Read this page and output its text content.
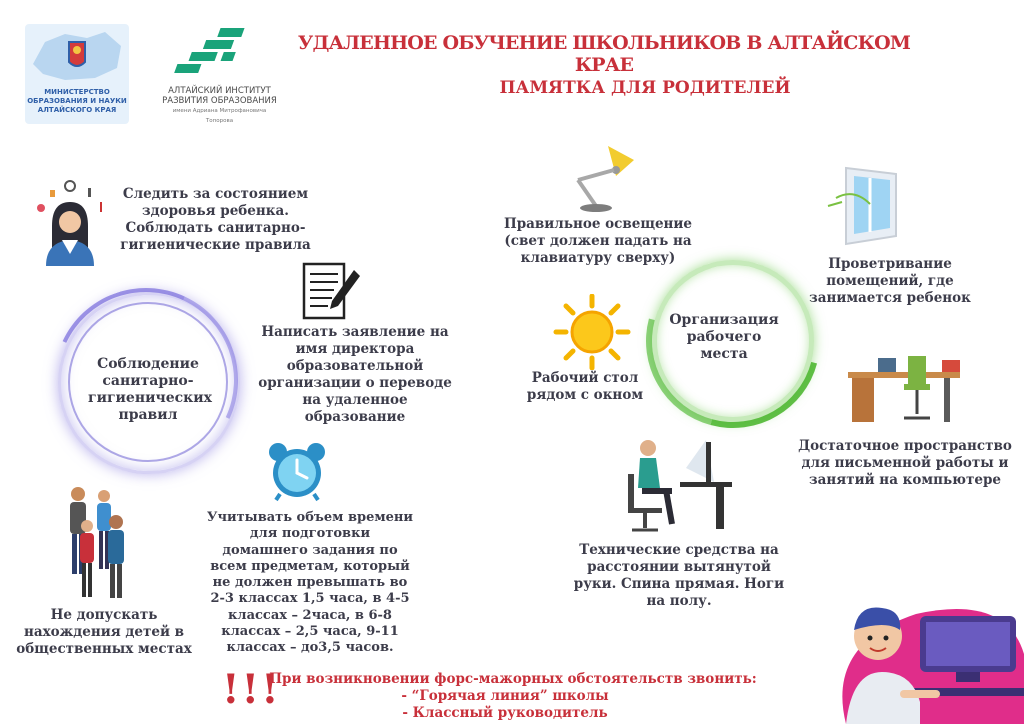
МИНИСТЕРСТВО
ОБРАЗОВАНИЯ И НАУКИ
АЛТАЙСКОГО КРАЯ
АЛТАЙСКИЙ ИНСТИТУТ
РАЗВИТИЯ ОБРАЗОВАНИЯ
имени Адриана Митрофановича Топорова
УДАЛЕННОЕ ОБУЧЕНИЕ ШКОЛЬНИКОВ В АЛТАЙСКОМ КРАЕ
ПАМЯТКА ДЛЯ РОДИТЕЛЕЙ
Следить за состоянием здоровья ребенка. Соблюдать санитарно-гигиенические правила
Написать заявление на имя директора образовательной организации о переводе на удаленное образование
Соблюдение санитарно-гигиенических правил
Учитывать объем времени для подготовки домашнего задания по всем предметам, который не должен превышать во 2-3 классах 1,5 часа, в 4-5 классах – 2часа, в 6-8 классах – 2,5 часа, 9-11 классах – до3,5 часов.
Не допускать нахождения детей в общественных местах
Правильное освещение (свет должен падать на клавиатуру сверху)	Проветривание помещений, где занимается ребенок
Рабочий стол рядом с окном
Организация рабочего места
Достаточное пространство для письменной работы и занятий на компьютере
Технические средства на расстоянии вытянутой руки. Спина прямая. Ноги на полу.
!!!
При возникновении форс-мажорных обстоятельств звонить:
- “Горячая линия” школы
- Классный руководитель
